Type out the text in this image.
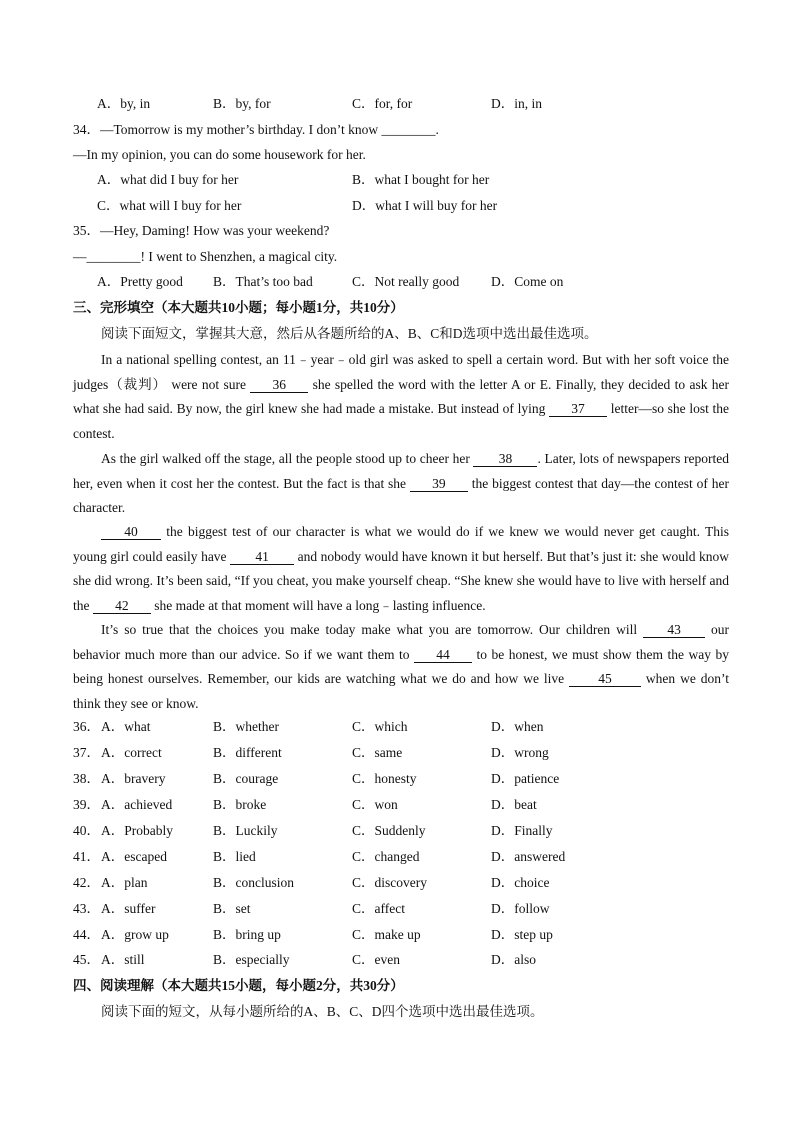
A．by, in	B．by, for	C．for, for	D．in, in
34．—Tomorrow is my mother’s birthday. I don’t know ________.
—In my opinion, you can do some housework for her.
A．what did I buy for her	B．what I bought for her
C．what will I buy for her	D．what I will buy for her
35．—Hey, Daming! How was your weekend?
—________! I went to Shenzhen, a magical city.
A．Pretty good B．That’s too bad	C．Not really good D．Come on
三、完形填空（本大题共10小题；每小题1分，共10分）
阅读下面短文，掌握其大意，然后从各题所给的A、B、C和D选项中选出最佳选项。
In a national spelling contest, an 11﹣year﹣old girl was asked to spell a certain word. But with her soft voice the judges（裁判） were not sure 36 she spelled the word with the letter A or E. Finally, they decided to ask her what she had said. By now, the girl knew she had made a mistake. But instead of lying 37 letter—so she lost the contest.
As the girl walked off the stage, all the people stood up to cheer her 38 . Later, lots of newspapers reported her, even when it cost her the contest. But the fact is that she 39 the biggest contest that day—the contest of her character.
40 the biggest test of our character is what we would do if we knew we would never get caught. This young girl could easily have 41 and nobody would have known it but herself. But that’s just it: she would know she did wrong. It’s been said, “If you cheat, you make yourself cheap. “She knew she would have to live with herself and the 42 she made at that moment will have a long﹣lasting influence.
It’s so true that the choices you make today make what you are tomorrow. Our children will 43 our behavior much more than our advice. So if we want them to 44 to be honest, we must show them the way by being honest ourselves. Remember, our kids are watching what we do and how we live 45 when we don’t think they see or know.
36． A．what	B．whether	C．which	D．when
37． A．correct	B．different	C．same	D．wrong
38． A．bravery	B．courage	C．honesty	D．patience
39． A．achieved	B．broke	C．won	D．beat
40． A．Probably	B．Luckily	C．Suddenly	D．Finally
41． A．escaped	B．lied	C．changed	D．answered
42． A．plan	B．conclusion	C．discovery	D．choice
43． A．suffer	B．set	C．affect	D．follow
44． A．grow up	B．bring up	C．make up	D．step up
45． A．still	B．especially	C．even	D．also
四、阅读理解（本大题共15小题，每小题2分，共30分）
阅读下面的短文，从每小题所给的A、B、C、D四个选项中选出最佳选项。
